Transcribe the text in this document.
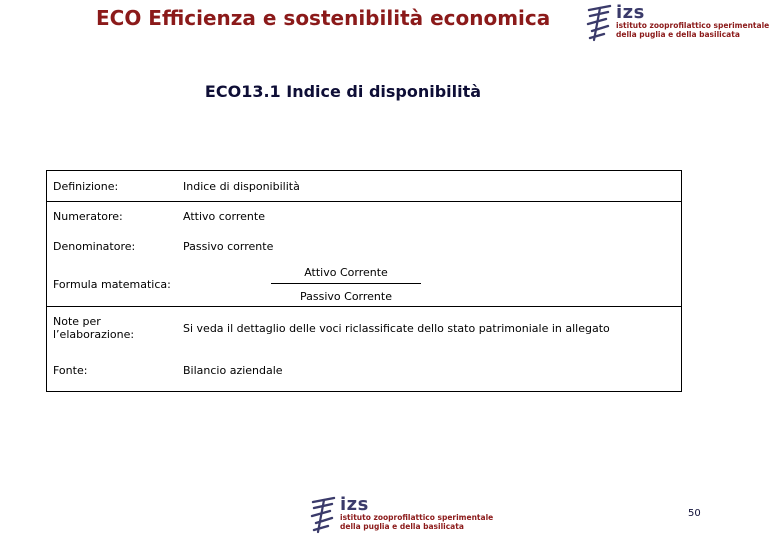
ECO Efficienza e sostenibilità economica	izs
istituto zooprofilattico sperimentale
della puglia e della basilicata
ECO13.1 Indice di disponibilità
Definizione:	Indice di disponibilità
Numeratore:	Attivo corrente
Denominatore:	Passivo corrente
Formula matematica:	Attivo Corrente
Passivo Corrente

Note per l’elaborazione:	Si veda il dettaglio delle voci riclassificate dello stato patrimoniale in allegato
Fonte:	Bilancio aziendale
izs
istituto zooprofilattico sperimentale
della puglia e della basilicata
50
